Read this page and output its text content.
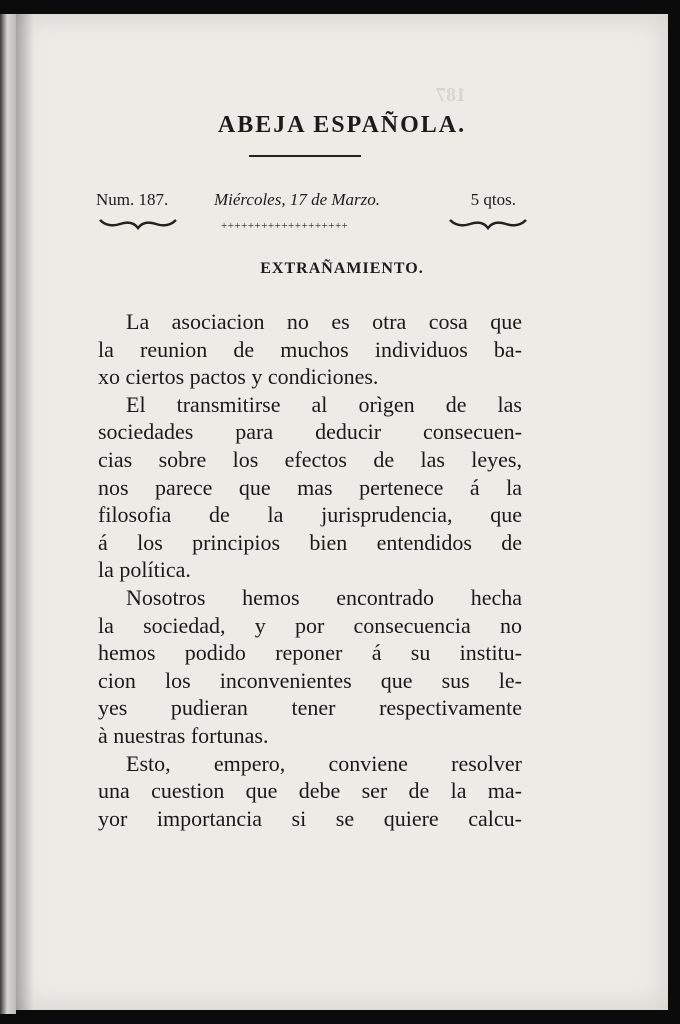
187
ABEJA ESPAÑOLA.
Num. 187.	Miércoles, 17 de Marzo.	5 qtos.
+++++++++++++++++++
EXTRAÑAMIENTO.
La asociacion no es otra cosa que
la reunion de muchos individuos ba-
xo ciertos pactos y condiciones.
El transmitirse al orìgen de las
sociedades para deducir consecuen-
cias sobre los efectos de las leyes,
nos parece que mas pertenece á la
filosofia de la jurisprudencia, que
á los principios bien entendidos de
la política.
Nosotros hemos encontrado hecha
la sociedad, y por consecuencia no
hemos podido reponer á su institu-
cion los inconvenientes que sus le-
yes pudieran tener respectivamente
à nuestras fortunas.
Esto, empero, conviene resolver
una cuestion que debe ser de la ma-
yor importancia si se quiere calcu-
